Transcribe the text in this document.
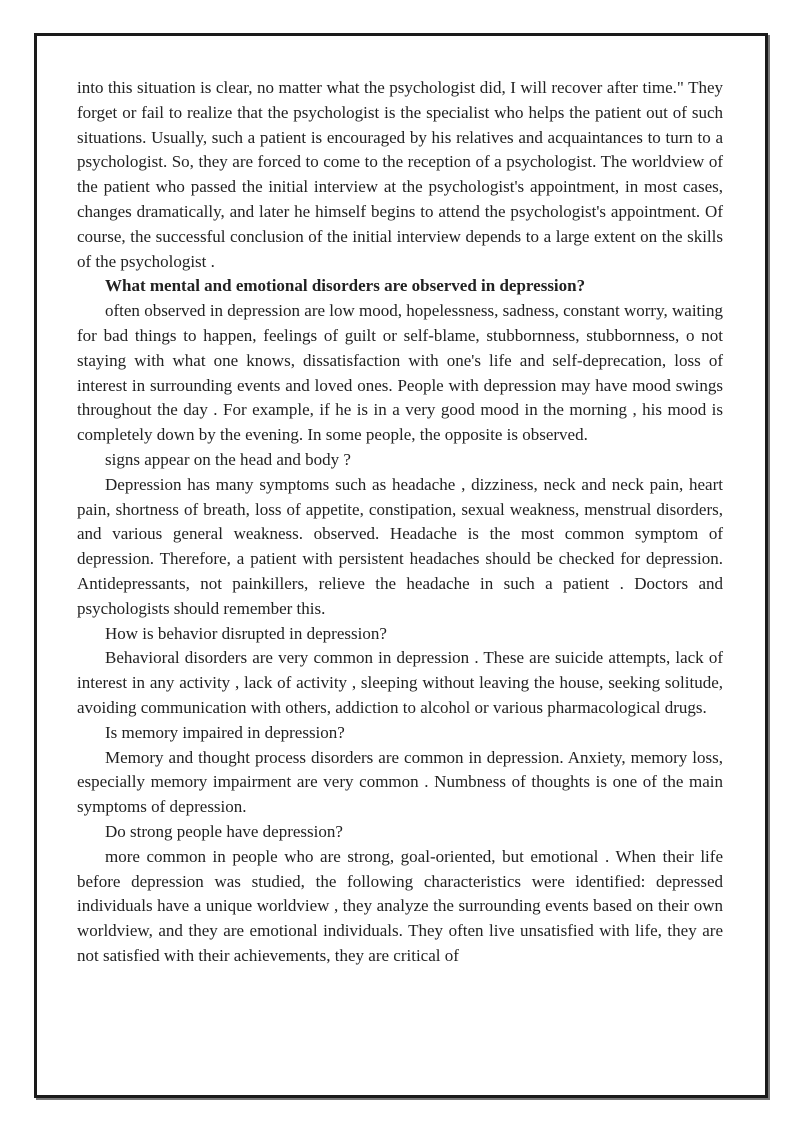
into this situation is clear, no matter what the psychologist did, I will recover after time." They forget or fail to realize that the psychologist is the specialist who helps the patient out of such situations. Usually, such a patient is encouraged by his relatives and acquaintances to turn to a psychologist. So, they are forced to come to the reception of a psychologist. The worldview of the patient who passed the initial interview at the psychologist's appointment, in most cases, changes dramatically, and later he himself begins to attend the psychologist's appointment. Of course, the successful conclusion of the initial interview depends to a large extent on the skills of the psychologist .

What mental and emotional disorders are observed in depression?

often observed in depression are low mood, hopelessness, sadness, constant worry, waiting for bad things to happen, feelings of guilt or self-blame, stubbornness, stubbornness, o not staying with what one knows, dissatisfaction with one's life and self-deprecation, loss of interest in surrounding events and loved ones. People with depression may have mood swings throughout the day . For example, if he is in a very good mood in the morning , his mood is completely down by the evening. In some people, the opposite is observed.

signs appear on the head and body ?

Depression has many symptoms such as headache , dizziness, neck and neck pain, heart pain, shortness of breath, loss of appetite, constipation, sexual weakness, menstrual disorders, and various general weakness. observed. Headache is the most common symptom of depression. Therefore, a patient with persistent headaches should be checked for depression. Antidepressants, not painkillers, relieve the headache in such a patient . Doctors and psychologists should remember this.

How is behavior disrupted in depression?

Behavioral disorders are very common in depression . These are suicide attempts, lack of interest in any activity , lack of activity , sleeping without leaving the house, seeking solitude, avoiding communication with others, addiction to alcohol or various pharmacological drugs.

Is memory impaired in depression?

Memory and thought process disorders are common in depression. Anxiety, memory loss, especially memory impairment are very common . Numbness of thoughts is one of the main symptoms of depression.

Do strong people have depression?

more common in people who are strong, goal-oriented, but emotional . When their life before depression was studied, the following characteristics were identified: depressed individuals have a unique worldview , they analyze the surrounding events based on their own worldview, and they are emotional individuals. They often live unsatisfied with life, they are not satisfied with their achievements, they are critical of
